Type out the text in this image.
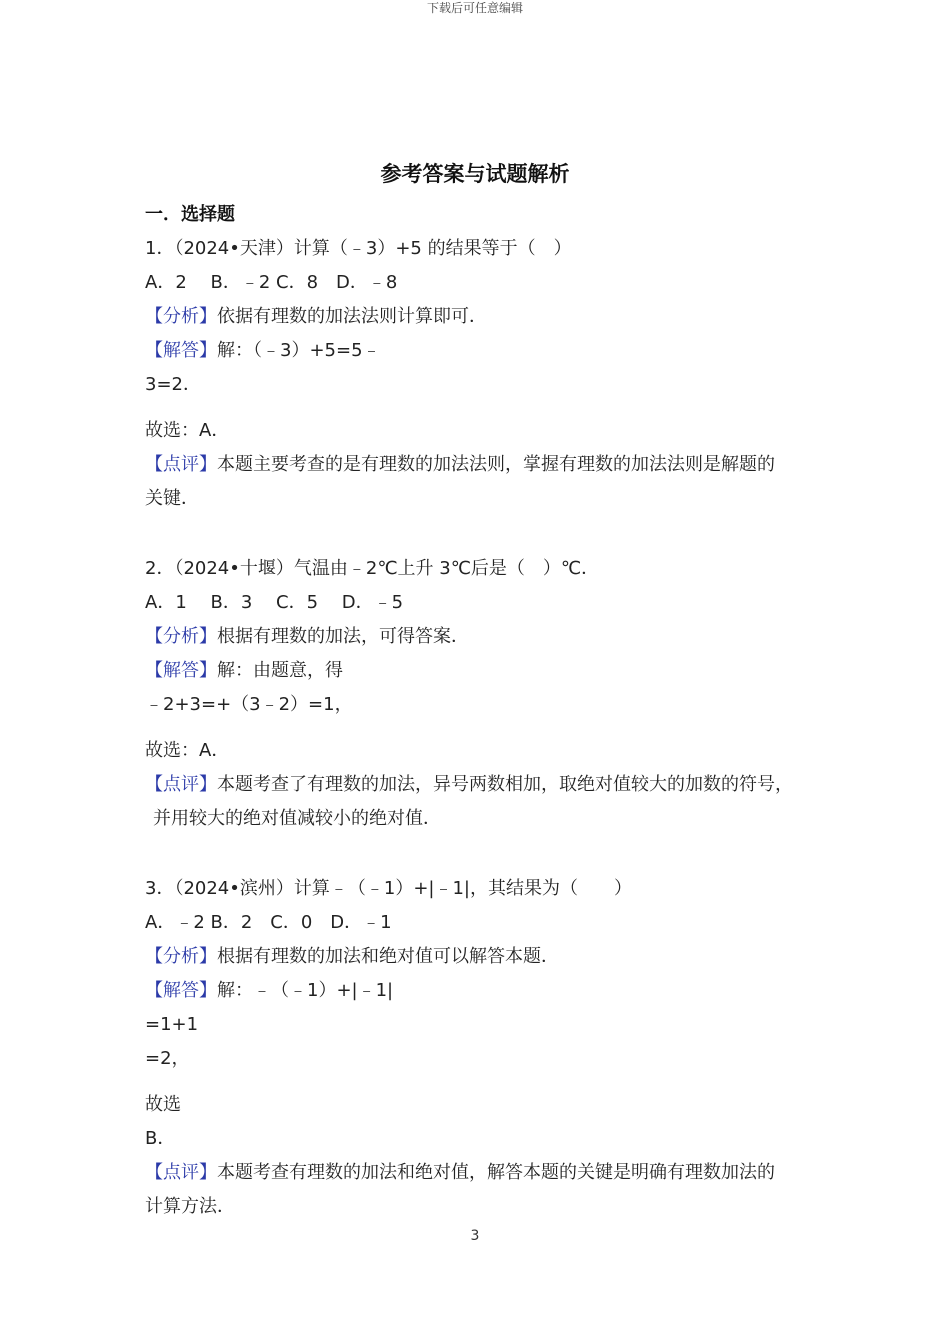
下载后可任意编辑
参考答案与试题解析
一．选择题
1．（2024•天津）计算（﹣3）+5 的结果等于（　）
A．2　 B．﹣2 C．8　D．﹣8
【分析】依据有理数的加法法则计算即可．
【解答】解：（﹣3）+5=5﹣
3=2．
故选：A．
【点评】本题主要考查的是有理数的加法法则，掌握有理数的加法法则是解题的
关键．
2．（2024•十堰）气温由﹣2℃上升 3℃后是（　）℃．
A．1　 B．3　 C．5　 D．﹣5
【分析】根据有理数的加法，可得答案．
【解答】解：由题意，得
﹣2+3=+（3﹣2）=1，
故选：A．
【点评】本题考查了有理数的加法，异号两数相加，取绝对值较大的加数的符号，
并用较大的绝对值减较小的绝对值．
3．（2024•滨州）计算﹣（﹣1）+|﹣1|，其结果为（　　）
A．﹣2 B．2　C．0　D．﹣1
【分析】根据有理数的加法和绝对值可以解答本题．
【解答】解：﹣（﹣1）+|﹣1|
=1+1
=2，
故选
B．
【点评】本题考查有理数的加法和绝对值，解答本题的关键是明确有理数加法的
计算方法．
3
